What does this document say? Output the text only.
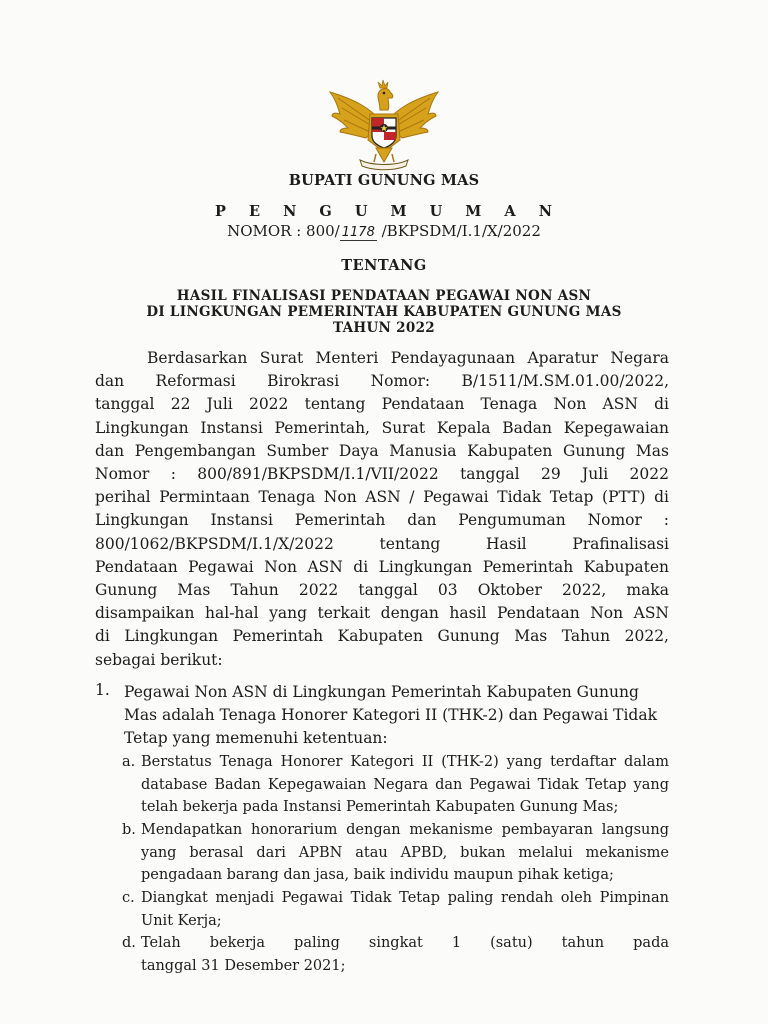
BUPATI GUNUNG MAS
P E N G U M U M A N
NOMOR : 800/ 1178 /BKPSDM/I.1/X/2022
TENTANG
HASIL FINALISASI PENDATAAN PEGAWAI NON ASN
DI LINGKUNGAN PEMERINTAH KABUPATEN GUNUNG MAS
TAHUN 2022
Berdasarkan Surat Menteri Pendayagunaan Aparatur Negara
dan Reformasi Birokrasi Nomor: B/1511/M.SM.01.00/2022,
tanggal 22 Juli 2022 tentang Pendataan Tenaga Non ASN di
Lingkungan Instansi Pemerintah, Surat Kepala Badan Kepegawaian
dan Pengembangan Sumber Daya Manusia Kabupaten Gunung Mas
Nomor : 800/891/BKPSDM/I.1/VII/2022 tanggal 29 Juli 2022
perihal Permintaan Tenaga Non ASN / Pegawai Tidak Tetap (PTT) di
Lingkungan Instansi Pemerintah dan Pengumuman Nomor :
800/1062/BKPSDM/I.1/X/2022 tentang Hasil Prafinalisasi
Pendataan Pegawai Non ASN di Lingkungan Pemerintah Kabupaten
Gunung Mas Tahun 2022 tanggal 03 Oktober 2022, maka
disampaikan hal-hal yang terkait dengan hasil Pendataan Non ASN
di Lingkungan Pemerintah Kabupaten Gunung Mas Tahun 2022,
sebagai berikut:
1. Pegawai Non ASN di Lingkungan Pemerintah Kabupaten Gunung
Mas adalah Tenaga Honorer Kategori II (THK-2) dan Pegawai Tidak
Tetap yang memenuhi ketentuan:
a. Berstatus Tenaga Honorer Kategori II (THK-2) yang terdaftar dalam
database Badan Kepegawaian Negara dan Pegawai Tidak Tetap yang
telah bekerja pada Instansi Pemerintah Kabupaten Gunung Mas;
b. Mendapatkan honorarium dengan mekanisme pembayaran langsung
yang berasal dari APBN atau APBD, bukan melalui mekanisme
pengadaan barang dan jasa, baik individu maupun pihak ketiga;
c. Diangkat menjadi Pegawai Tidak Tetap paling rendah oleh Pimpinan
Unit Kerja;
d. Telah bekerja paling singkat 1 (satu) tahun pada
tanggal 31 Desember 2021;
